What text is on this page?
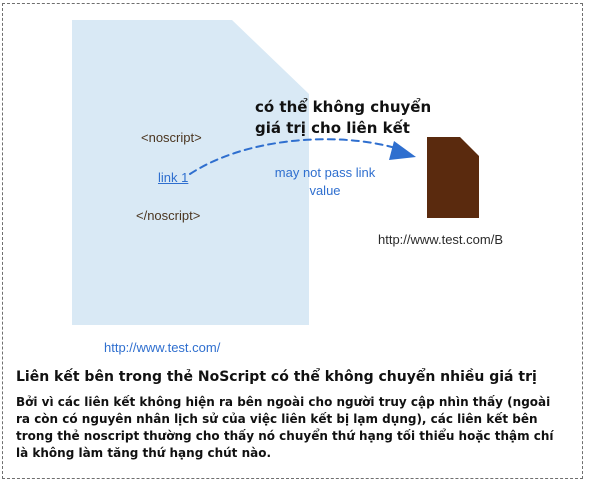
có thể không chuyển giá trị cho liên kết

<noscript>

link 1	may not pass link
value

</noscript>

http://www.test.com/B

http://www.test.com/

Liên kết bên trong thẻ NoScript có thể không chuyển nhiều giá trị

Bởi vì các liên kết không hiện ra bên ngoài cho người truy cập nhìn thấy (ngoài ra còn có nguyên nhân lịch sử của việc liên kết bị lạm dụng), các liên kết bên trong thẻ noscript thường cho thấy nó chuyển thứ hạng tối thiểu hoặc thậm chí là không làm tăng thứ hạng chút nào.
